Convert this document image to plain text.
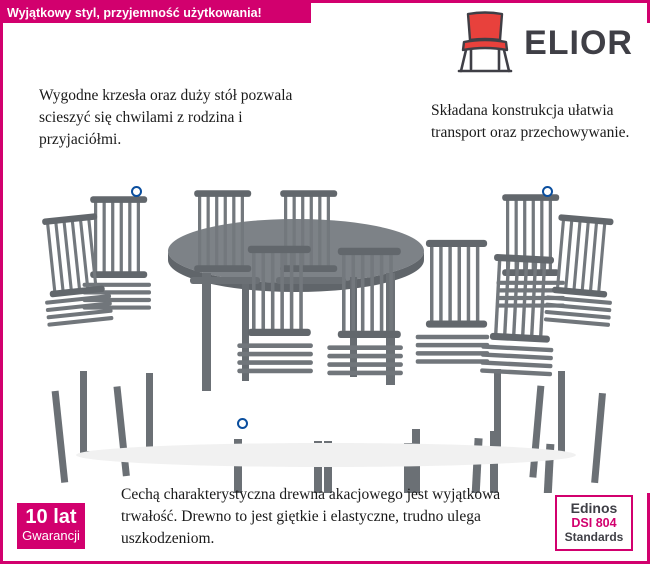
Wyjątkowy styl, przyjemność użytkowania!
ELIOR
Wygodne krzesła oraz duży stół pozwala scieszyć się chwilami z rodzina i przyjaciółmi.
Składana konstrukcja ułatwia transport oraz przechowywanie.
Cechą charakterystyczna drewna akacjowego jest wyjątkowa trwałość. Drewno to jest giętkie i elastyczne, trudno ulega uszkodzeniom.
10 lat
Gwarancji
Edinos
DSI 804
Standards
